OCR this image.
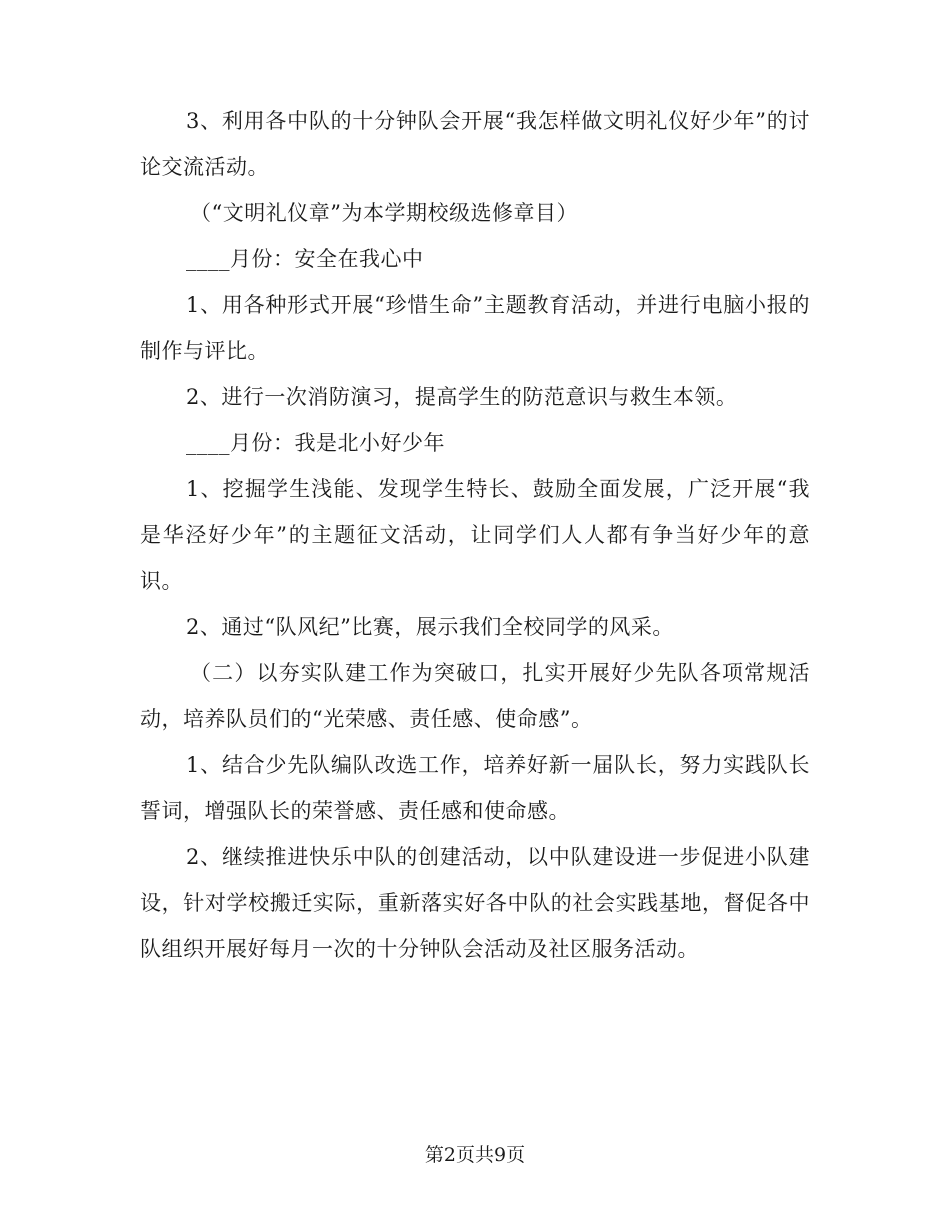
3、利用各中队的十分钟队会开展“我怎样做文明礼仪好少年”的讨论交流活动。

（“文明礼仪章”为本学期校级选修章目）

____月份：安全在我心中

1、用各种形式开展“珍惜生命”主题教育活动，并进行电脑小报的制作与评比。

2、进行一次消防演习，提高学生的防范意识与救生本领。

____月份：我是北小好少年

1、挖掘学生浅能、发现学生特长、鼓励全面发展，广泛开展“我是华泾好少年”的主题征文活动，让同学们人人都有争当好少年的意识。

2、通过“队风纪”比赛，展示我们全校同学的风采。

（二）以夯实队建工作为突破口，扎实开展好少先队各项常规活动，培养队员们的“光荣感、责任感、使命感”。

1、结合少先队编队改选工作，培养好新一届队长，努力实践队长誓词，增强队长的荣誉感、责任感和使命感。

2、继续推进快乐中队的创建活动，以中队建设进一步促进小队建设，针对学校搬迁实际，重新落实好各中队的社会实践基地，督促各中队组织开展好每月一次的十分钟队会活动及社区服务活动。

第2页共9页
